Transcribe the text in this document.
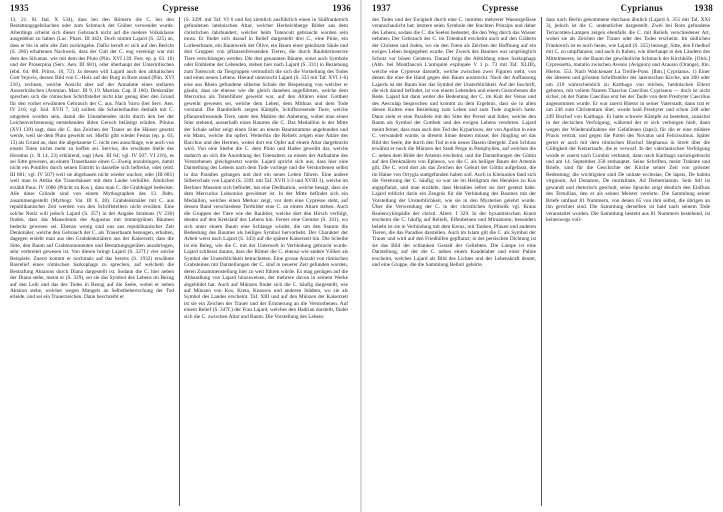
1935	Cypresse	1936

13, 21. 8l. Ital. X 534), dass bei den Römern die C. bei den Bestattungsgebräuchen oder zum Schmuck der Gräber verwendet wurde. Allerdings scheint sich dieser Gebrauch nicht auf die niedere Volksklasse ausgedehnt zu haben (Luc. Phars. III 442). Doch nimmt Lajard (S. 325) an, dass er bis in sehr alte Zeit zurückgehe. Dafür beruft er sich auf den Bericht (S. 266) erhaltenen Nachweis, dass der Cult der C. eng vereinigt war mit dem des Silvanus, wie mit dem des Pluto (Plin. XVI 139. Fest. ep. p. 63. 16) und der Proserpina (Serv. Aen. III 681), oder überhaupt der Unterirdischen (ebd. 64. 88l. Prirus. 10, 72). Ja dessen will Lajard auch den altitalischen Gott Vejovis, dessen Bild von C.-Holz auf der Burg in Rom stand (Plin. XVI 216), rechnen, welche Ansicht aber auf der Annahme eines stellaren Ausserirdischen (Ammian. Marc. III 9, 19. Martian. Cap. II 160). Denkmäler sprechen sich die römischen Schriftsteller nicht klar genug über den Grund für den vorher erwähnten Gebrauch der C. aus. Nach Varro (bei Serv. Aen. IV 216; vgl. Isid. XVII 7, 34) sollten die Scheiterhaufen deshalb mit C. umgeben worden sein, damit die Umstehenden nicht durch den bei der Leichenverbrennung entstehenden üblen Geruch belästigt würden. Plinius (XVI 139) sagt, dass die C. das Zeichen der Trauer an die Häuser gesetzt werde, weil sie dem Pluto geweiht sei. Hiefür gibt wieder Festus (ep. p. 63, 13) als Grund an, dass die abgehauene C. nicht neu ausschlage, wie auch von einem Toten nichts mehr zu hoffen sei. Servius, die erwähnte Stelle des Horatius (c. II 14, 23) erklärend, sagt (Aen. III 64; vgl. IV 507. VI 216), es sei Sitte gewesen, an einem Trauerhause einen C.-Zweig anzubringen, damit nicht ein Pontifex durch seinen Eintritt in dasselbe sich beflecke, oder (ebd. III 681; vgl. IV 507) weil sie abgehauen nicht wieder wachse, oder (III 681) weil man in Attika die Trauerhäuser mit dem Laube verhüllte. Ähnliches erzählt Paus. IV 1086 (Prächt zu Kos.), dass man C. die Grabhügel bedeckte. Alle diese Gründe sind von einem Mythographen des 13. Jhdts. zusammengestellt (Mythogr. Vat. III 6, 28). Grabdenkmäler mit C. aus republikanischer Zeit werden von den Schriftstellern nicht erwähnt. Eine solche Notiz will jedoch Lajard (S. 357) in der Angabe Strabons (V 236) finden, dass das Mausoleum des Augustus mit immergrünen Bäumen bedeckt gewesen sei. Ebenso wenig sind uns aus republikanischer Zeit Denkmäler, welche den Gebrauch der C. als Trauerbaum bezeugen, erhalten, dagegen ersieht man aus den Grabdenkmälern aus der Kaiserzeit, dass die Sitte, den Baum auf Grabmonumenten und Bestattungsgeräten anzubringen, sehr verbreitet gewesen ist. Von diesen bringt Lajard (S. 327f.) vier solche Beispiele. Zuerst kommt er nochmals auf das bereits (S. 1932) erwähnte Basrelief eines römischen Sarkophags zu sprechen, auf welchem die Bestrafung Aktaions durch Diana dargestellt ist. Sodann die C. hier neben der Diana stehe, meint er (S. 329), sei sie das Symbol des Lebens im Bezug auf den Leib und das des Todes in Bezug auf die Seele, wobei er neben Aktaion stehe, welcher wegen Mangels an Selbstbeherrschung der Tod erleide, und sei ein Trauerzeichen. Dann beschreibt er

(S. 329f. mit Taf. VI 6 und 6a) ziemlich ausführlich einen in Südfrankreich gefundenen lateinischen Altar, welcher Herbeichberge Bilder aus dem christlichen Jahrhundert, welcher beim Totencult gebraucht worden sein muss. Er findet sich darauf in Relief dargestellt drei C., eine Pinie, ein Lorbeerbaum, ein Baumwerk der Ölive, ein Baum einer gekränzte Säule und drei Gruppen von pflanzenfressenden Tieren, die durch Raubtierinsectre Tiere verschlungen werden. Die drei genannten Bäume, sonst auch Symbole oder Embleme der Lebenden, stehen hier nach Lajard (S. 331) in Beziehung zum Totencult, da Tiergruppen vermutlich die sich die Vorstellung des Todes und eines neuen Lebens. Hierauf untersucht Lajard (S. 333 mit Taf. XVI 1-6) eine aus Rhein gefundene silberne Schale der Bespeisung von welcher er glaubt, dass sie ebenso wie die gleich daneben angeführten, welche dem Mercurius als Totenführer geweiht war, auf den Altären einer Gottheit geweiht gewesen sei, welche dem Leben, dem Mithras und dem Tode vorstand. Die Randreliefs zeigen Kämpfe, Schiffsreisende Tiere, welche pflanzenfressende Tiere, unter den Mahlen der Anbetung, wobei man einen Stier stehend, ausserhalb eines Baumes die C. Das Medaillon in der Mitte der Schale selbst zeigt einen Stier an einem Baumstamme angebunden und ein Mann, welche ihn opfert. Weiterhin die Reliefs zeigen eine Altäre des Bacchus und des Hermes, wobei dort ein Opfer auf einem Altar dargebracht wird. Von eine Sterbe die C. dem Pluto und Hades geweiht dar, welche dadurch an sich die Anordnung des Totenalters zu einem der Aufnahme des Verstorbenen gleichgesetzt wurde. Lajard spricht sich aus, dass hier eine Darstellung des Lebens nach dem Tode vorliege und die Verstorbenen selbst in das Paradies gelangen und dort ein neues Leben führen. Eine andere Silberschale von Lajard (S. 339f. mit Taf. XVII 1-3 und XVIII 1), welche im Berliner Museum sich befindet, hat eine Dedikation, welche besagt, dass sie dem Mercurius Lubsonius gewidmet ist. In der Mitte befindet sich ein Medaillon, welches einen Merkur zeigt, vor dem eine Cypresse steht, auf dessen Rand verschiedene Tierbilder eine C. an einem Altare stehen. Auch die Gruppen der Tiere wie der Raubtier, welche dort den Hirsch verfolgt, deuten auf den Kreislauf des Lebens hin. Ferner eine Gemme (S. 341), wo sich unter einem Baum eine Schlange windet, die um den Stamm die Bedeutung des Baumes als heiliges Symbol hervorhebt. Der Charakter der Arbeit weist nach Lajard (S. 343) auf die spätere Kaiserzeit hin. Die Scheibe ist ein Beleg, wie die C. mit der Unterwelt in Verbindung gebracht wurde. Lajard schliesst daraus, dass die Römer die C. ebenso wie andere Völker als Symbol der Unsterblichkeit betrachteten. Eine grosse Anzahl von römischen Grabsteinen mit Darstellungen der C. sind in neuerer Zeit gefunden worden, deren Zusammenstellung hier zu weit führen würde. Es mag genügen auf die Abhandlung von Lajard hinzuweisen, der mehrere davon in seinem Werke abgebildet hat. Auch auf Münzen findet sich die C. häufig dargestellt, wie auf Münzen von Kos, Kreta, Knossos und anderen Städten, wo sie als Symbol des Landes erscheint. Taf. XIII und auf den Münzen der Kaiserzeit ist sie ein Zeichen der Trauer und der Erinnerung an die Verstorbenen. Auf einem Relief (S. 347f.) der Frau Lajard, welches den Hadrian darstellt, findet sich die C. zwischen Altar und Baum. Die Vorstellung des Lebens

1937	Cypresse	Cyprianus	1938

des Todes und der Ewigkeit durch eine C. inmitten mehrerer Wassergefässe veranschaulicht hat; letztere seien Symbole der feuchten Prinzips und daher des Lebens, sodass die C. die Seelen bedeutet, die den Weg durch das Wasser nehmen. Der Gebrauch der C. im Totenkult erscheint auch auf den Gräbern der Christen und Juden, wo sie den Toten als Zeichen der Hoffnung auf ein ewiges Leben beigegeben wurde. Der Zweck des Baumes war ursprünglich Schutz vor bösen Geistern. Darauf folgt die Abbildung eines Sarkophags (Abb. bei Montfaucon L'antiquité expliquée V 1 p. 73 mit Taf. XLIII), welche eine Cypresse darstellt, welche zwischen zwei Figuren steht, von denen die eine die Hand gegen den Baum ausstreckt. Nach der Auffassung Lajards ist der Baum hier das Symbol der Unsterblichkeit. Auf der Inschrift, die sich darauf befindet, ist von einem Lebenden und einem Gestorbenen die Rede. Lajard hat dann weiter die Bedeutung der C. im Kult der Venus und des Aesculap besprochen und kommt zu dem Ergebnis, dass sie in allen diesen Kulten eine Beziehung zum Leben und zum Tode zugleich hatte. Dann zieht er eine Parallele mit der Sitte der Perser und Inder, welche den Baum als Symbol der Gottheit und des ewigen Lebens verehrten. Lajard meint ferner, dass man auch den Tod des Kyparissos, der von Apollon in eine C. verwandelt wurde, in diesem Sinne deuten müsse; der Jüngling sei das Bild der Seele, die durch den Tod in ein neues Dasein übergeht. Zum Schluss erwähnt er noch die Münzen der Stadt Perge in Pamphylien, auf welchen die C. neben dem Bilde der Artemis erscheint, und die Darstellungen der Göttin auf den Denkmälern von Ephesos, wo die C. als heiliger Baum der Artemis gilt. Die C. wird dort als das Zeichen der Geburt der Göttin aufgefasst, die im Haine von Ortygia stattgefunden haben soll. Auch in Kleinasien fand sich die Verehrung der C. häufig; so war sie im Heiligtum des Herakles zu Kos angepflanzt, und man erzählte, dass Herakles selbst sie dort gesetzt habe. Lajard erblickt darin ein Zeugnis für die Verbindung des Baumes mit der Vorstellung der Unsterblichkeit, wie sie in den Mysterien gelehrt wurde. Über die Verwendung der C. in der christlichen Symbolik vgl. Kraus Realencyklopädie der christl. Altert. I 329. In der byzantinischen Kunst erscheint die C. häufig auf Reliefs, Elfenbeinen und Miniaturen; besonders beliebt ist sie in Verbindung mit dem Kreuz, mit Tauben, Pfauen und anderen Tieren, die das Paradies darstellen. Auch im Islam gilt die C. als Symbol der Trauer und wird auf den Friedhöfen gepflanzt; in der persischen Dichtung ist sie das Bild der schlanken Gestalt der Geliebten. Die Lampe ist eine Darstellung, auf der die C. neben einem Kandelaber und einer Palme erscheint, welches Lajard als Bild des Lichtes und der Lebenskraft deutet, und eine Gruppe, die die Sammlung Bellori gehörte.

dass nach Berlin gekommene durchaus ähnlich (Lajard S. 351 mit Taf. XXI 3), jedoch ist die C. undeutlicher dargestellt. Zwei bei Rom gefundene Terracotten-Lampen zeigen ebenfalls die C. mit Reliefs verschiedener Art, wobei sie als Zeichen der Trauer oder des Todes erscheint. Im südlichen Frankreich ist es noch heute, wie Lajard (S. 355) bezeugt, Sitte, den Friedhof mit C. zu umpflanzen; und auch in Italien, wie überhaupt in den Ländern des Mittelmeeres, ist der Baum der gewöhnliche Schmuck der Kirchhöfe. [Olck.] Cypressetta, mutatio zwischen Avenio (Avignon) und Arausio (Orange), Itin. Hieros. 553. Nach Walckenaer La Treille-Pons. [Ihm.] Cyprianus. 1) Einer der ältesten und grössten Schriftsteller der lateinischen Kirche, um 200 oder um 210 wahrscheinlich zu Karthago von reichen, heidnischen Eltern geboren, mit vollem Namen Thascius Caecilius Cyprianus — doch ist nicht sicher, ob der Name Caecilius erst bei der Taufe von dem Presbyter Caecilius angenommen wurde. Er war zuerst Rhetor in seiner Vaterstadt, dann trat er um 246 zum Christentum über, wurde bald Presbyter und schon 248 oder 249 Bischof von Karthago. Er hatte schwere Kämpfe zu bestehen, zunächst in der decischen Verfolgung, während der er sich verborgen hielt, dann wegen der Wiederaufnahme der Gefallenen (lapsi), für die er eine mildere Praxis vertrat, und gegen die Partei des Novatus und Felicissimus. Später geriet er auch mit dem römischen Bischof Stephanus in Streit über die Gültigkeit der Ketzertaufe, die er verwarf. In der valerianischen Verfolgung wurde er zuerst nach Curubis verbannt, dann nach Karthago zurückgebracht und am 14. September 258 enthauptet. Seine Schriften, meist Traktate und Briefe, sind für die Geschichte der Kirche seiner Zeit von grösster Bedeutung; die wichtigsten sind De unitate ecclesiae, De lapsis, De habitu virginum, Ad Donatum, De mortalitate, Ad Demetrianum. Sein Stil ist gewandt und rhetorisch geschult, seine Sprache zeigt deutlich den Einfluss des Tertullian, den er als seinen Meister verehrte. Die Sammlung seiner Briefe umfasst 81 Nummern, von denen 65 von ihm selbst, die übrigen an ihn gerichtet sind. Die Sammlung derselben ist bald nach seinem Tode veranstaltet worden. Die Sammlung besteht aus 81 Nummern bestehend, ist keineswegs voll-
